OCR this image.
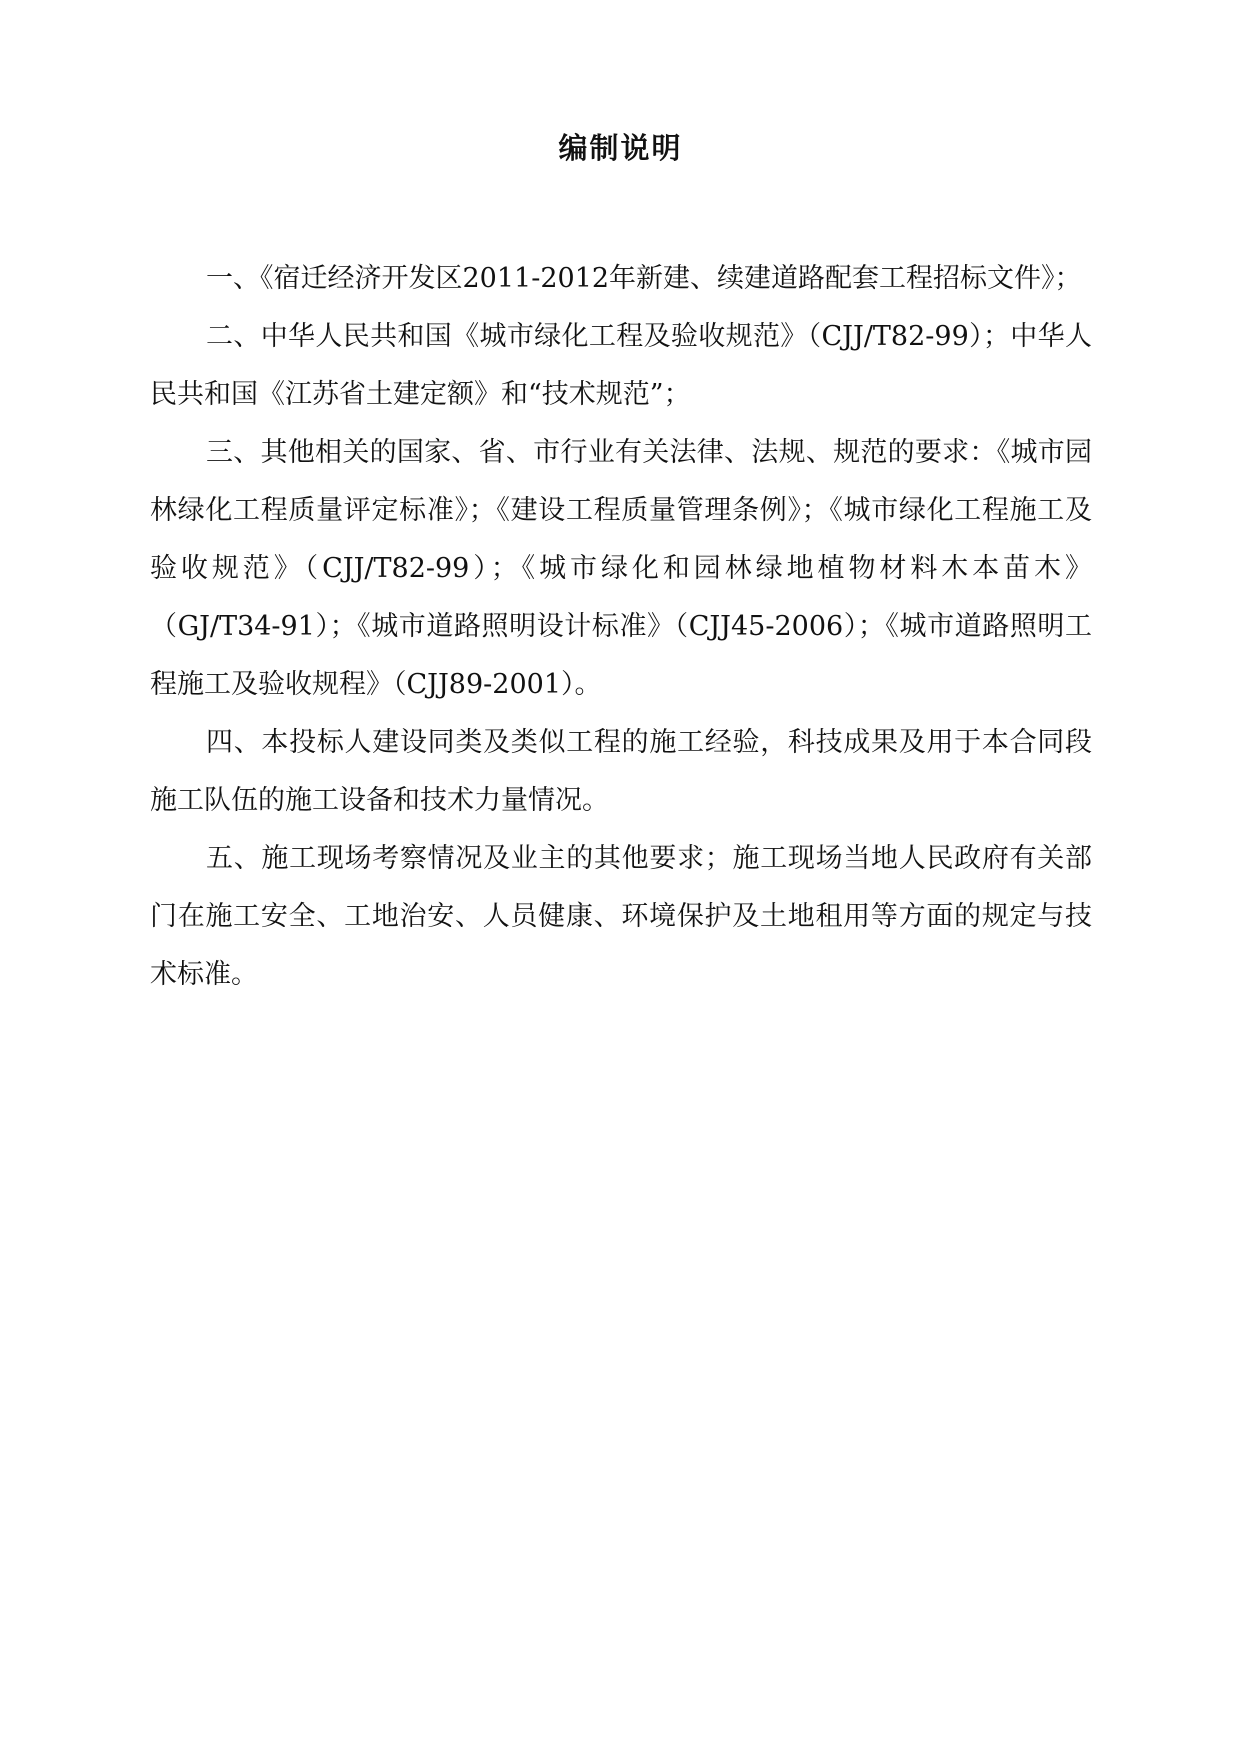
编制说明

一、《宿迁经济开发区2011-2012年新建、续建道路配套工程招标文件》；

二、中华人民共和国《城市绿化工程及验收规范》（CJJ/T82-99）；中华人民共和国《江苏省土建定额》和“技术规范”；

三、其他相关的国家、省、市行业有关法律、法规、规范的要求：《城市园林绿化工程质量评定标准》；《建设工程质量管理条例》；《城市绿化工程施工及验收规范》（CJJ/T82-99）；《城市绿化和园林绿地植物材料木本苗木》（GJ/T34-91）；《城市道路照明设计标准》（CJJ45-2006）；《城市道路照明工程施工及验收规程》（CJJ89-2001）。

四、本投标人建设同类及类似工程的施工经验，科技成果及用于本合同段施工队伍的施工设备和技术力量情况。

五、施工现场考察情况及业主的其他要求；施工现场当地人民政府有关部门在施工安全、工地治安、人员健康、环境保护及土地租用等方面的规定与技术标准。
